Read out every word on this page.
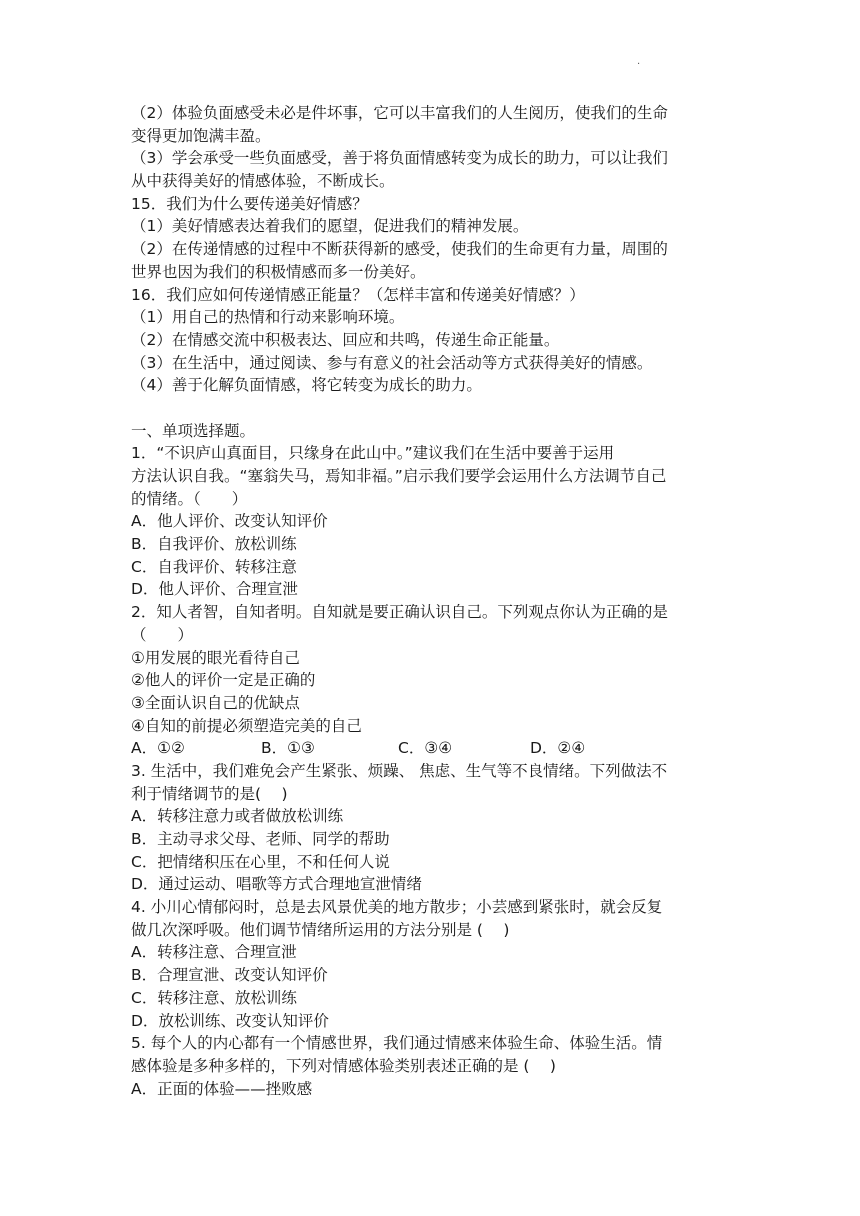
.
（2）体验负面感受未必是件坏事，它可以丰富我们的人生阅历，使我们的生命
变得更加饱满丰盈。
（3）学会承受一些负面感受，善于将负面情感转变为成长的助力，可以让我们
从中获得美好的情感体验，不断成长。
15．我们为什么要传递美好情感？
（1）美好情感表达着我们的愿望，促进我们的精神发展。
（2）在传递情感的过程中不断获得新的感受，使我们的生命更有力量，周围的
世界也因为我们的积极情感而多一份美好。
16．我们应如何传递情感正能量？（怎样丰富和传递美好情感？）
（1）用自己的热情和行动来影响环境。
（2）在情感交流中积极表达、回应和共鸣，传递生命正能量。
（3）在生活中，通过阅读、参与有意义的社会活动等方式获得美好的情感。
（4）善于化解负面情感，将它转变为成长的助力。
一、单项选择题。
1．“不识庐山真面目，只缘身在此山中。”建议我们在生活中要善于运用
方法认识自我。“塞翁失马，焉知非福。”启示我们要学会运用什么方法调节自己
的情绪。（　　）
A．他人评价、改变认知评价
B．自我评价、放松训练
C．自我评价、转移注意
D．他人评价、合理宣泄
2．知人者智，自知者明。自知就是要正确认识自己。下列观点你认为正确的是
（　　）
①用发展的眼光看待自己
②他人的评价一定是正确的
③全面认识自己的优缺点
④自知的前提必须塑造完美的自己
A．①②	B．①③	C．③④	D．②④
3. 生活中，我们难免会产生紧张、烦躁、 焦虑、生气等不良情绪。下列做法不
利于情绪调节的是(　 )
A．转移注意力或者做放松训练
B．主动寻求父母、老师、同学的帮助
C．把情绪积压在心里，不和任何人说
D．通过运动、唱歌等方式合理地宣泄情绪
4. 小川心情郁闷时，总是去风景优美的地方散步；小芸感到紧张时，就会反复
做几次深呼吸。他们调节情绪所运用的方法分别是 (　 )
A．转移注意、合理宣泄
B．合理宣泄、改变认知评价
C．转移注意、放松训练
D．放松训练、改变认知评价
5. 每个人的内心都有一个情感世界，我们通过情感来体验生命、体验生活。情
感体验是多种多样的，下列对情感体验类别表述正确的是 (　 )
A．正面的体验——挫败感
